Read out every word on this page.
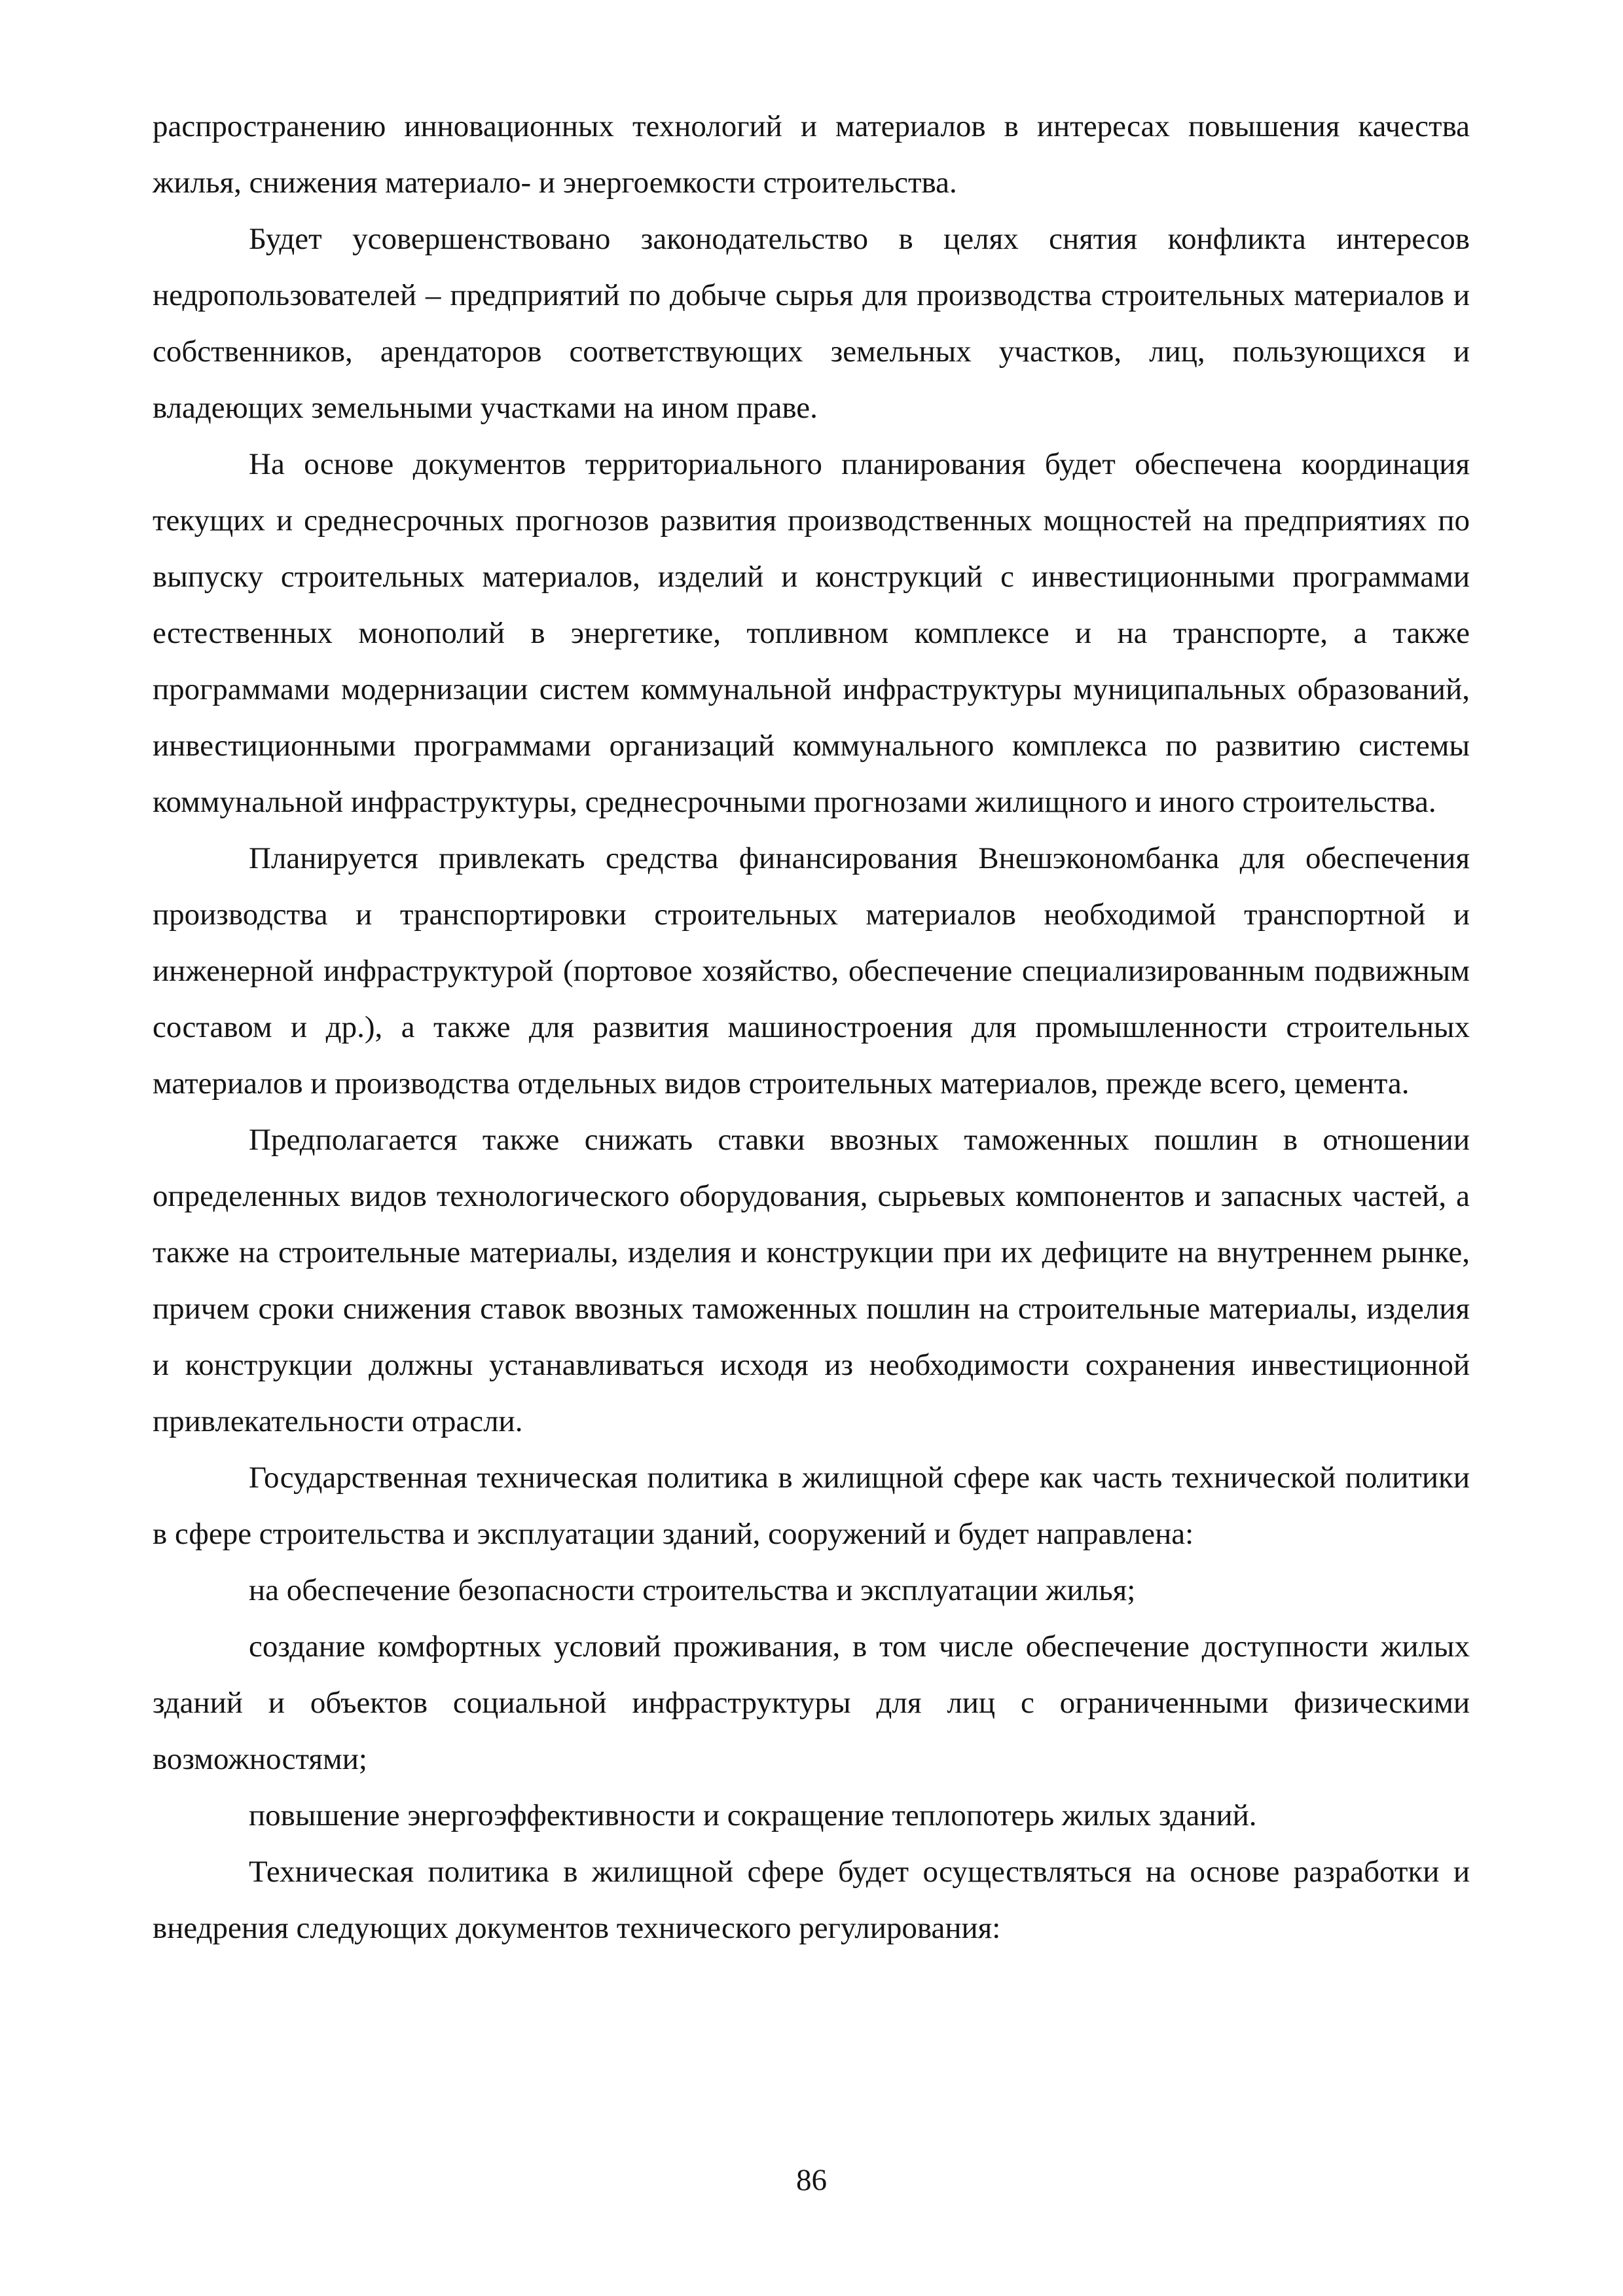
распространению инновационных технологий и материалов в интересах повышения качества жилья, снижения материало- и энергоемкости строительства.

Будет усовершенствовано законодательство в целях снятия конфликта интересов недропользователей – предприятий по добыче сырья для производства строительных материалов и собственников, арендаторов соответствующих земельных участков, лиц, пользующихся и владеющих земельными участками на ином праве.

На основе документов территориального планирования будет обеспечена координация текущих и среднесрочных прогнозов развития производственных мощностей на предприятиях по выпуску строительных материалов, изделий и конструкций с инвестиционными программами естественных монополий в энергетике, топливном комплексе и на транспорте, а также программами модернизации систем коммунальной инфраструктуры муниципальных образований, инвестиционными программами организаций коммунального комплекса по развитию системы коммунальной инфраструктуры, среднесрочными прогнозами жилищного и иного строительства.

Планируется привлекать средства финансирования Внешэкономбанка для обеспечения производства и транспортировки строительных материалов необходимой транспортной и инженерной инфраструктурой (портовое хозяйство, обеспечение специализированным подвижным составом и др.), а также для развития машиностроения для промышленности строительных материалов и производства отдельных видов строительных материалов, прежде всего, цемента.

Предполагается также снижать ставки ввозных таможенных пошлин в отношении определенных видов технологического оборудования, сырьевых компонентов и запасных частей, а также на строительные материалы, изделия и конструкции при их дефиците на внутреннем рынке, причем сроки снижения ставок ввозных таможенных пошлин на строительные материалы, изделия и конструкции должны устанавливаться исходя из необходимости сохранения инвестиционной привлекательности отрасли.

Государственная техническая политика в жилищной сфере как часть технической политики в сфере строительства и эксплуатации зданий, сооружений и будет направлена:

на обеспечение безопасности строительства и эксплуатации жилья;

создание комфортных условий проживания, в том числе обеспечение доступности жилых зданий и объектов социальной инфраструктуры для лиц с ограниченными физическими возможностями;

повышение энергоэффективности и сокращение теплопотерь жилых зданий.

Техническая политика в жилищной сфере будет осуществляться на основе разработки и внедрения следующих документов технического регулирования:

86
